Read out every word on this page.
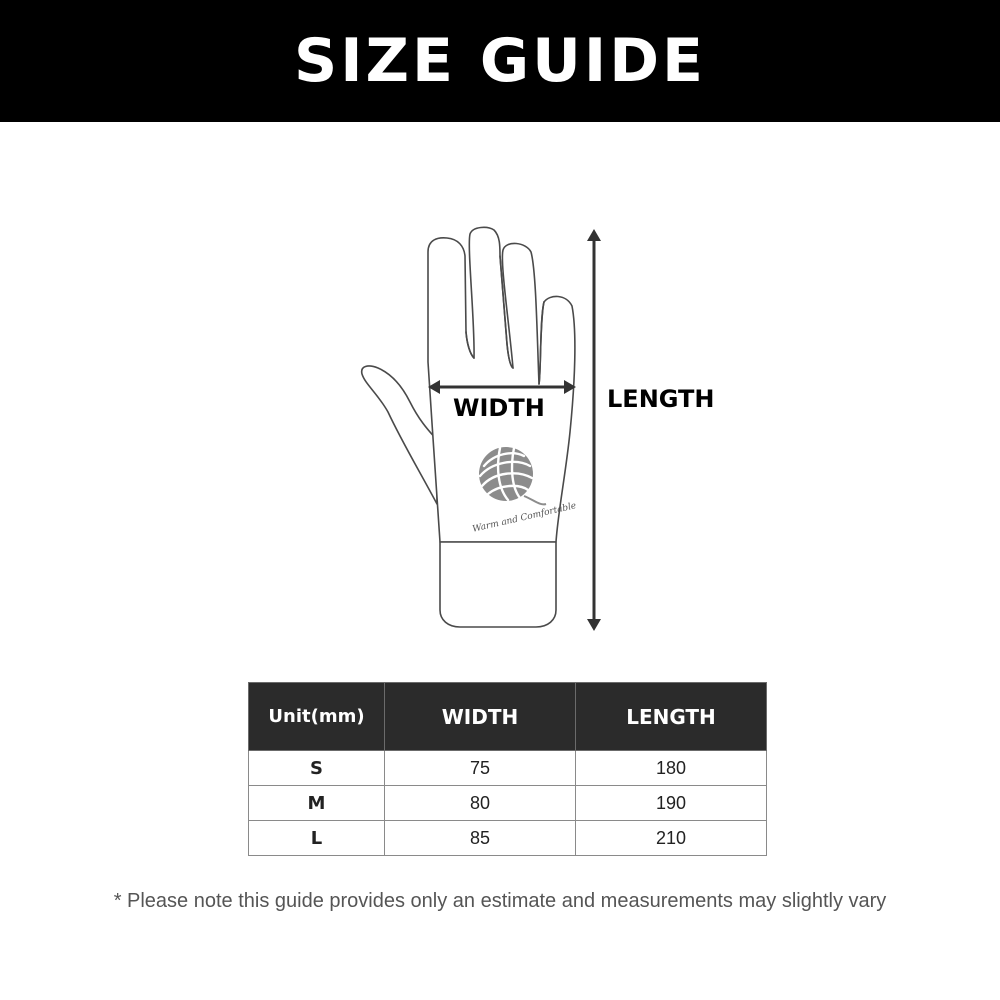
SIZE GUIDE
Warm and Comfortable
WIDTH	LENGTH
Unit(mm)	WIDTH	LENGTH
S	75	180
M	80	190
L	85	210
* Please note this guide provides only an estimate and measurements may slightly vary
